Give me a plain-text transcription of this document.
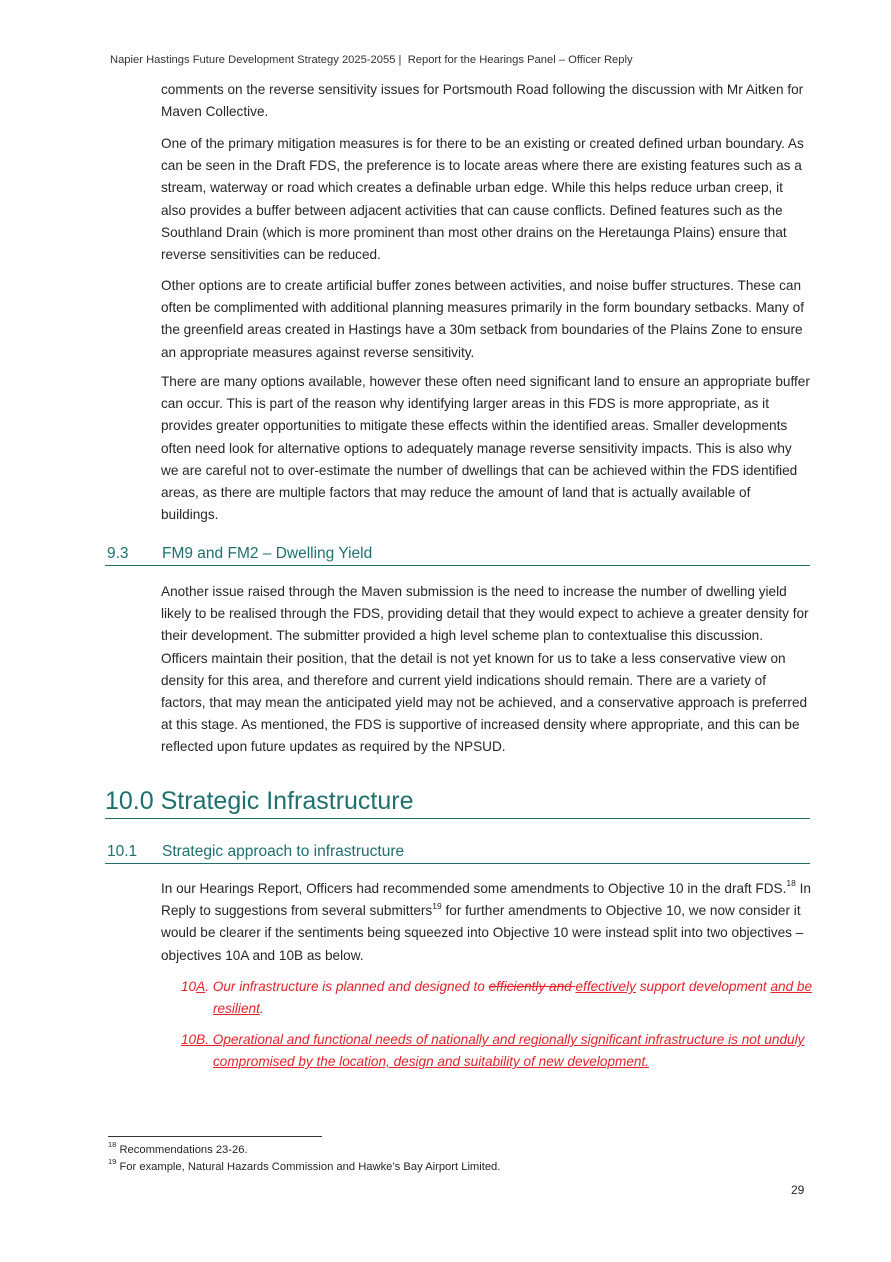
Napier Hastings Future Development Strategy 2025-2055 |  Report for the Hearings Panel – Officer Reply

comments on the reverse sensitivity issues for Portsmouth Road following the discussion with Mr Aitken for Maven Collective.

One of the primary mitigation measures is for there to be an existing or created defined urban boundary. As can be seen in the Draft FDS, the preference is to locate areas where there are existing features such as a stream, waterway or road which creates a definable urban edge. While this helps reduce urban creep, it also provides a buffer between adjacent activities that can cause conflicts. Defined features such as the Southland Drain (which is more prominent than most other drains on the Heretaunga Plains) ensure that reverse sensitivities can be reduced.

Other options are to create artificial buffer zones between activities, and noise buffer structures. These can often be complimented with additional planning measures primarily in the form boundary setbacks. Many of the greenfield areas created in Hastings have a 30m setback from boundaries of the Plains Zone to ensure an appropriate measures against reverse sensitivity.

There are many options available, however these often need significant land to ensure an appropriate buffer can occur. This is part of the reason why identifying larger areas in this FDS is more appropriate, as it provides greater opportunities to mitigate these effects within the identified areas. Smaller developments often need look for alternative options to adequately manage reverse sensitivity impacts. This is also why we are careful not to over-estimate the number of dwellings that can be achieved within the FDS identified areas, as there are multiple factors that may reduce the amount of land that is actually available of buildings.

9.3 FM9 and FM2 – Dwelling Yield

Another issue raised through the Maven submission is the need to increase the number of dwelling yield likely to be realised through the FDS, providing detail that they would expect to achieve a greater density for their development. The submitter provided a high level scheme plan to contextualise this discussion. Officers maintain their position, that the detail is not yet known for us to take a less conservative view on density for this area, and therefore and current yield indications should remain. There are a variety of factors, that may mean the anticipated yield may not be achieved, and a conservative approach is preferred at this stage. As mentioned, the FDS is supportive of increased density where appropriate, and this can be reflected upon future updates as required by the NPSUD.

10.0 Strategic Infrastructure
10.1 Strategic approach to infrastructure

In our Hearings Report, Officers had recommended some amendments to Objective 10 in the draft FDS.$^{18}$ In Reply to suggestions from several submitters$^{19}$ for further amendments to Objective 10, we now consider it would be clearer if the sentiments being squeezed into Objective 10 were instead split into two objectives – objectives 10A and 10B as below.

10A. Our infrastructure is planned and designed to efficiently and effectively support development and be resilient.

10B. Operational and functional needs of nationally and regionally significant infrastructure is not unduly compromised by the location, design and suitability of new development.

$^{18}$ Recommendations 23-26.
$^{19}$ For example, Natural Hazards Commission and Hawke’s Bay Airport Limited.
29
